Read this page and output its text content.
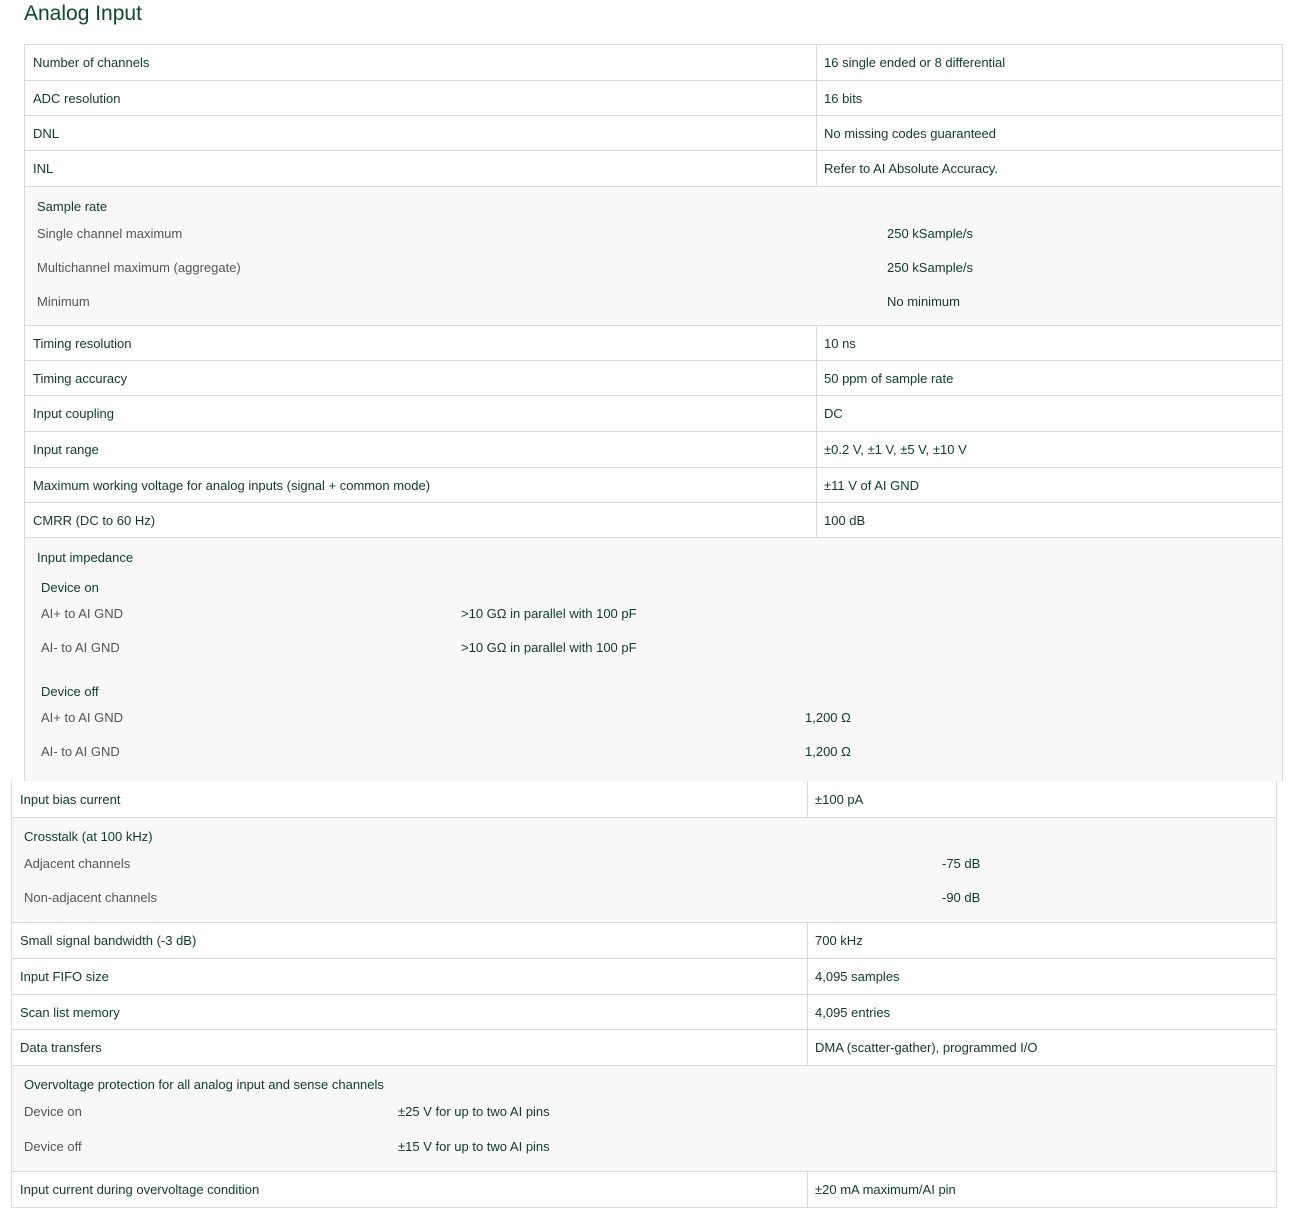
Analog Input
Number of channels	16 single ended or 8 differential
ADC resolution	16 bits
DNL	No missing codes guaranteed
INL	Refer to AI Absolute Accuracy.
Sample rate
Single channel maximum	250 kSample/s
Multichannel maximum (aggregate)	250 kSample/s
Minimum	No minimum
Timing resolution	10 ns
Timing accuracy	50 ppm of sample rate
Input coupling	DC
Input range	±0.2 V, ±1 V, ±5 V, ±10 V
Maximum working voltage for analog inputs (signal + common mode)	±11 V of AI GND
CMRR (DC to 60 Hz)	100 dB
Input impedance
Device on
AI+ to AI GND	>10 GΩ in parallel with 100 pF
AI- to AI GND	>10 GΩ in parallel with 100 pF
Device off
AI+ to AI GND	1,200 Ω
AI- to AI GND	1,200 Ω
Input bias current	±100 pA
Crosstalk (at 100 kHz)
Adjacent channels	-75 dB
Non-adjacent channels	-90 dB
Small signal bandwidth (-3 dB)	700 kHz
Input FIFO size	4,095 samples
Scan list memory	4,095 entries
Data transfers	DMA (scatter-gather), programmed I/O
Overvoltage protection for all analog input and sense channels
Device on	±25 V for up to two AI pins
Device off	±15 V for up to two AI pins
Input current during overvoltage condition	±20 mA maximum/AI pin
